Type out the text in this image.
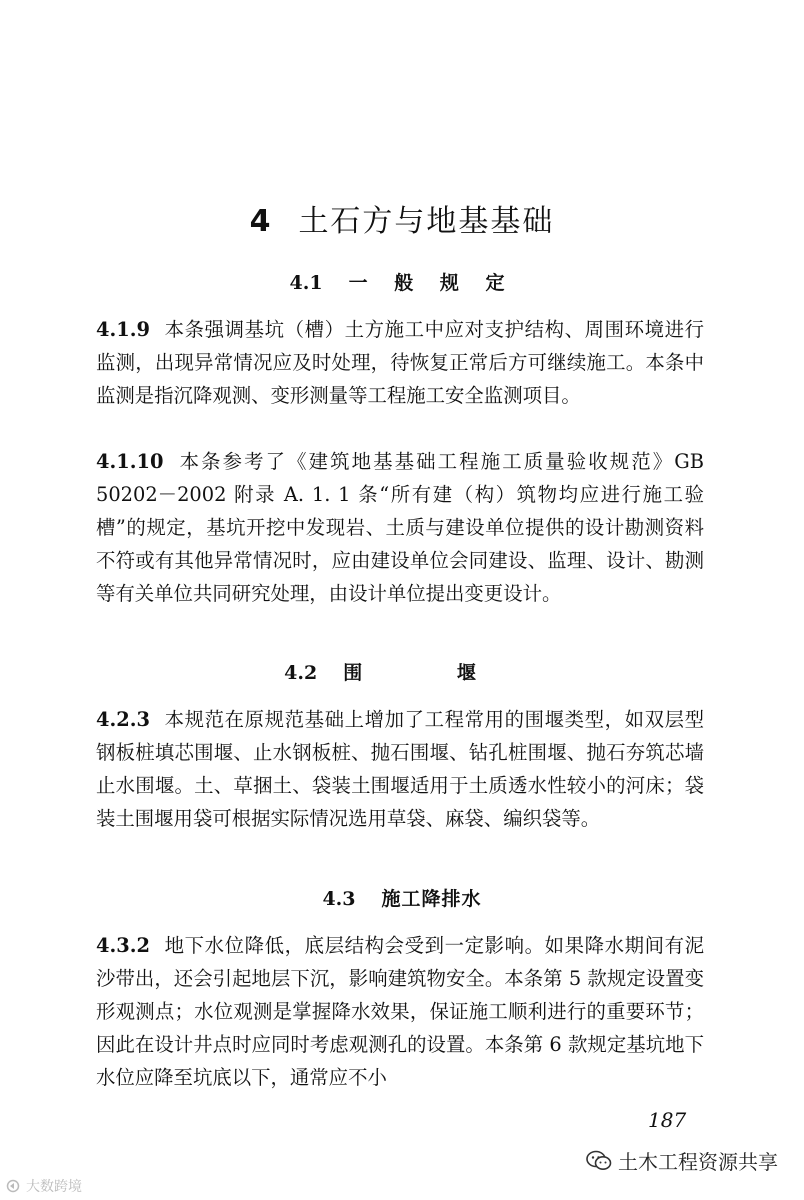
4 土石方与地基基础
4.1 一 般 规 定
4.1.9 本条强调基坑（槽）土方施工中应对支护结构、周围环境进行监测，出现异常情况应及时处理，待恢复正常后方可继续施工。本条中监测是指沉降观测、变形测量等工程施工安全监测项目。
4.1.10 本条参考了《建筑地基基础工程施工质量验收规范》GB 50202－2002 附录 A. 1. 1 条“所有建（构）筑物均应进行施工验槽”的规定，基坑开挖中发现岩、土质与建设单位提供的设计勘测资料不符或有其他异常情况时，应由建设单位会同建设、监理、设计、勘测等有关单位共同研究处理，由设计单位提出变更设计。
4.2 围 堰
4.2.3 本规范在原规范基础上增加了工程常用的围堰类型，如双层型钢板桩填芯围堰、止水钢板桩、抛石围堰、钻孔桩围堰、抛石夯筑芯墙止水围堰。土、草捆土、袋装土围堰适用于土质透水性较小的河床；袋装土围堰用袋可根据实际情况选用草袋、麻袋、编织袋等。
4.3 施工降排水
4.3.2 地下水位降低，底层结构会受到一定影响。如果降水期间有泥沙带出，还会引起地层下沉，影响建筑物安全。本条第 5 款规定设置变形观测点；水位观测是掌握降水效果，保证施工顺利进行的重要环节；因此在设计井点时应同时考虑观测孔的设置。本条第 6 款规定基坑地下水位应降至坑底以下，通常应不小
187
土木工程资源共享
大数跨境
